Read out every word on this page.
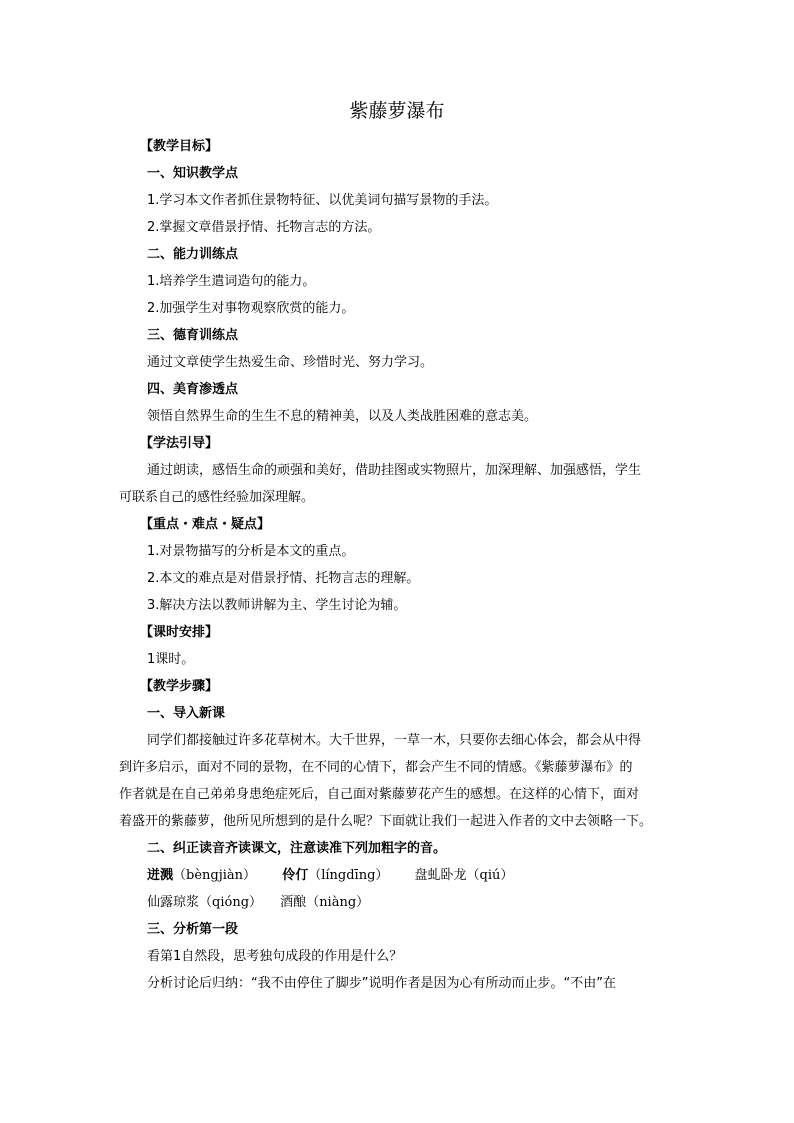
紫藤萝瀑布
【教学目标】
一、知识教学点
1.学习本文作者抓住景物特征、以优美词句描写景物的手法。
2.掌握文章借景抒情、托物言志的方法。
二、能力训练点
1.培养学生遣词造句的能力。
2.加强学生对事物观察欣赏的能力。
三、德育训练点
通过文章使学生热爱生命、珍惜时光、努力学习。
四、美育渗透点
领悟自然界生命的生生不息的精神美，以及人类战胜困难的意志美。
【学法引导】
通过朗读，感悟生命的顽强和美好，借助挂图或实物照片，加深理解、加强感悟，学生
可联系自己的感性经验加深理解。
【重点・难点・疑点】
1.对景物描写的分析是本文的重点。
2.本文的难点是对借景抒情、托物言志的理解。
3.解决方法以教师讲解为主、学生讨论为辅。
【课时安排】
1课时。
【教学步骤】
一、导入新课
同学们都接触过许多花草树木。大千世界，一草一木，只要你去细心体会，都会从中得
到许多启示，面对不同的景物，在不同的心情下，都会产生不同的情感。《紫藤萝瀑布》的
作者就是在自己弟弟身患绝症死后，自己面对紫藤萝花产生的感想。在这样的心情下，面对
着盛开的紫藤萝，他所见所想到的是什么呢？下面就让我们一起进入作者的文中去领略一下。
二、纠正读音齐读课文，注意读准下列加粗字的音。
迸溅（bèngjiàn） 伶仃（língdīng） 盘虬卧龙（qiú）
仙露琼浆（qióng） 酒酿（niàng）
三、分析第一段
看第1自然段，思考独句成段的作用是什么？
分析讨论后归纳：“我不由停住了脚步”说明作者是因为心有所动而止步。“不由”在
